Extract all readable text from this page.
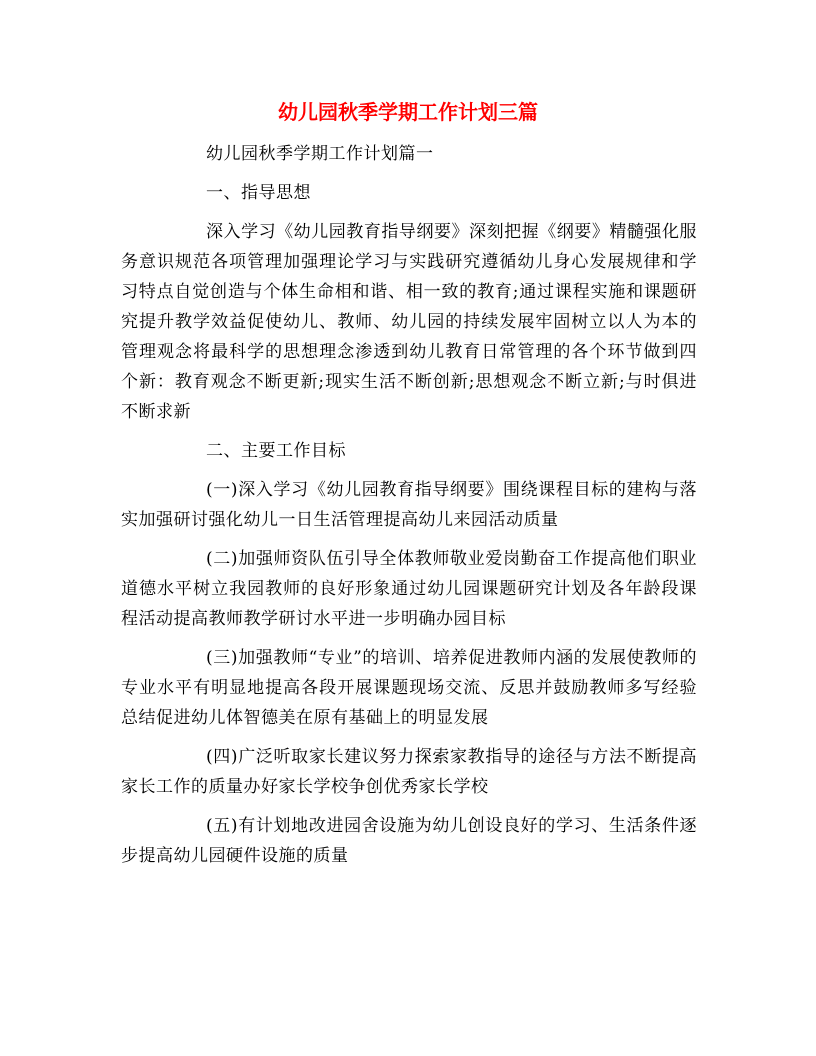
幼儿园秋季学期工作计划三篇

幼儿园秋季学期工作计划篇一

一、指导思想

深入学习《幼儿园教育指导纲要》深刻把握《纲要》精髓强化服务意识规范各项管理加强理论学习与实践研究遵循幼儿身心发展规律和学习特点自觉创造与个体生命相和谐、相一致的教育;通过课程实施和课题研究提升教学效益促使幼儿、教师、幼儿园的持续发展牢固树立以人为本的管理观念将最科学的思想理念渗透到幼儿教育日常管理的各个环节做到四个新：教育观念不断更新;现实生活不断创新;思想观念不断立新;与时俱进不断求新

二、主要工作目标

(一)深入学习《幼儿园教育指导纲要》围绕课程目标的建构与落实加强研讨强化幼儿一日生活管理提高幼儿来园活动质量

(二)加强师资队伍引导全体教师敬业爱岗勤奋工作提高他们职业道德水平树立我园教师的良好形象通过幼儿园课题研究计划及各年龄段课程活动提高教师教学研讨水平进一步明确办园目标

(三)加强教师“专业”的培训、培养促进教师内涵的发展使教师的专业水平有明显地提高各段开展课题现场交流、反思并鼓励教师多写经验总结促进幼儿体智德美在原有基础上的明显发展

(四)广泛听取家长建议努力探索家教指导的途径与方法不断提高家长工作的质量办好家长学校争创优秀家长学校

(五)有计划地改进园舍设施为幼儿创设良好的学习、生活条件逐步提高幼儿园硬件设施的质量
